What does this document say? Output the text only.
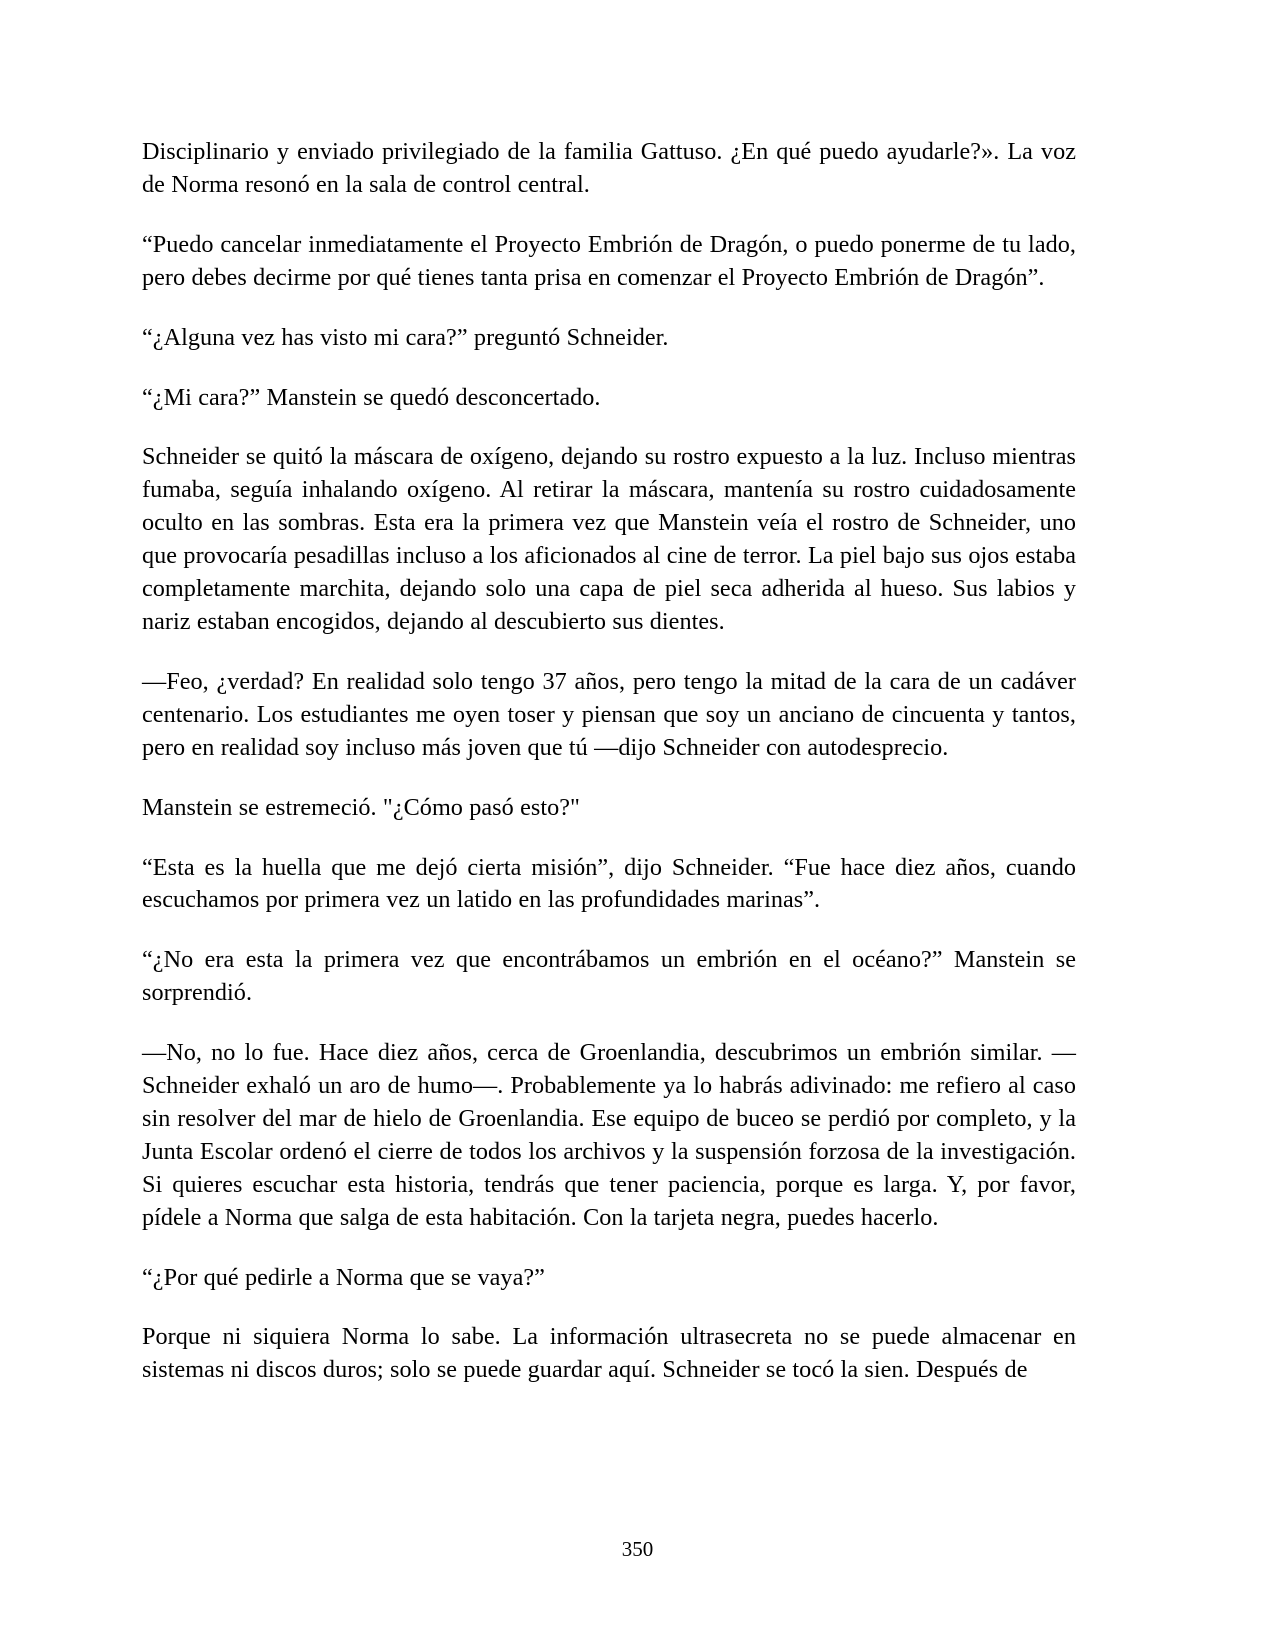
Disciplinario y enviado privilegiado de la familia Gattuso. ¿En qué puedo ayudarle?». La voz de Norma resonó en la sala de control central.

“Puedo cancelar inmediatamente el Proyecto Embrión de Dragón, o puedo ponerme de tu lado, pero debes decirme por qué tienes tanta prisa en comenzar el Proyecto Embrión de Dragón”.

“¿Alguna vez has visto mi cara?” preguntó Schneider.

“¿Mi cara?” Manstein se quedó desconcertado.

Schneider se quitó la máscara de oxígeno, dejando su rostro expuesto a la luz. Incluso mientras fumaba, seguía inhalando oxígeno. Al retirar la máscara, mantenía su rostro cuidadosamente oculto en las sombras. Esta era la primera vez que Manstein veía el rostro de Schneider, uno que provocaría pesadillas incluso a los aficionados al cine de terror. La piel bajo sus ojos estaba completamente marchita, dejando solo una capa de piel seca adherida al hueso. Sus labios y nariz estaban encogidos, dejando al descubierto sus dientes.

—Feo, ¿verdad? En realidad solo tengo 37 años, pero tengo la mitad de la cara de un cadáver centenario. Los estudiantes me oyen toser y piensan que soy un anciano de cincuenta y tantos, pero en realidad soy incluso más joven que tú —dijo Schneider con autodesprecio.

Manstein se estremeció. "¿Cómo pasó esto?"

“Esta es la huella que me dejó cierta misión”, dijo Schneider. “Fue hace diez años, cuando escuchamos por primera vez un latido en las profundidades marinas”.

“¿No era esta la primera vez que encontrábamos un embrión en el océano?” Manstein se sorprendió.

—No, no lo fue. Hace diez años, cerca de Groenlandia, descubrimos un embrión similar. —Schneider exhaló un aro de humo—. Probablemente ya lo habrás adivinado: me refiero al caso sin resolver del mar de hielo de Groenlandia. Ese equipo de buceo se perdió por completo, y la Junta Escolar ordenó el cierre de todos los archivos y la suspensión forzosa de la investigación. Si quieres escuchar esta historia, tendrás que tener paciencia, porque es larga. Y, por favor, pídele a Norma que salga de esta habitación. Con la tarjeta negra, puedes hacerlo.

“¿Por qué pedirle a Norma que se vaya?”

Porque ni siquiera Norma lo sabe. La información ultrasecreta no se puede almacenar en sistemas ni discos duros; solo se puede guardar aquí. Schneider se tocó la sien. Después de

350
